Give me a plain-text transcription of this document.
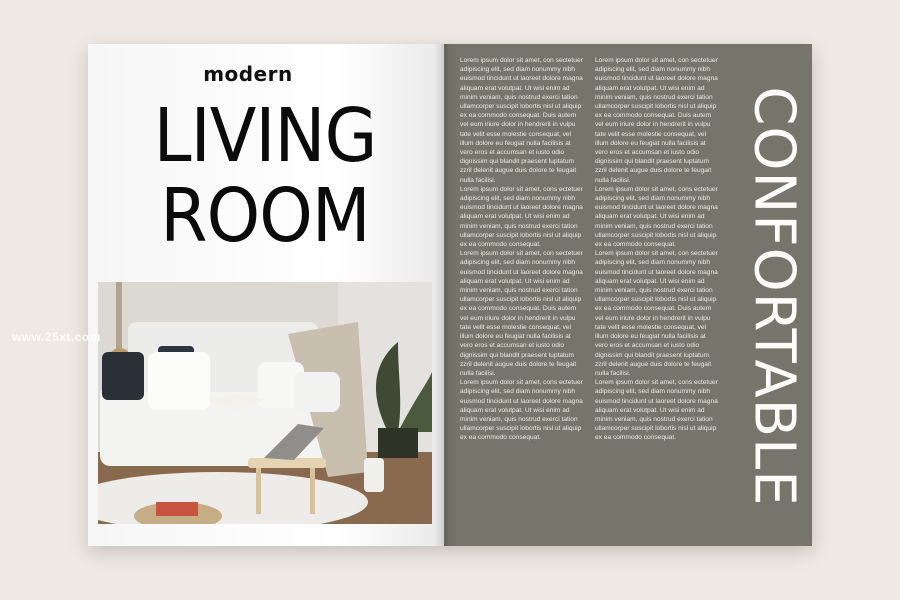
modern
LIVING
ROOM

Lorem ipsum dolor sit amet, con sectetuer adipiscing elit, sed diam nonummy nibh euismod tincidunt ut laoreet dolore magna aliquam erat volutpat. Ut wisi enim ad minim veniam, quis nostrud exerci tation ullamcorper suscipit lobortis nisl ut aliquip ex ea commodo consequat. Duis autem vel eum iriure dolor in hendrerit in vulpu tate velit esse molestie consequat, vel illum dolore eu feugiat nulla facilisis at vero eros et accumsan et iusto odio dignissim qui blandit praesent luptatum zzril delenit augue duis dolore te feugait nulla facilisi.

Lorem ipsum dolor sit amet, cons ectetuer adipiscing elit, sed diam nonummy nibh euismod tincidunt ut laoreet dolore magna aliquam erat volutpat. Ut wisi enim ad minim veniam, quis nostrud exerci tation ullamcorper suscipit lobortis nisl ut aliquip ex ea commodo consequat.

Lorem ipsum dolor sit amet, con sectetuer adipiscing elit, sed diam nonummy nibh euismod tincidunt ut laoreet dolore magna aliquam erat volutpat. Ut wisi enim ad minim veniam, quis nostrud exerci tation ullamcorper suscipit lobortis nisl ut aliquip ex ea commodo consequat. Duis autem vel eum iriure dolor in hendrerit in vulpu tate velit esse molestie consequat, vel illum dolore eu feugiat nulla facilisis at vero eros et accumsan et iusto odio dignissim qui blandit praesent luptatum zzril delenit augue duis dolore te feugait nulla facilisi.

Lorem ipsum dolor sit amet, cons ectetuer adipiscing elit, sed diam nonummy nibh euismod tincidunt ut laoreet dolore magna aliquam erat volutpat. Ut wisi enim ad minim veniam, quis nostrud exerci tation ullamcorper suscipit lobortis nisl ut aliquip ex ea commodo consequat.

Lorem ipsum dolor sit amet, con sectetuer adipiscing elit, sed diam nonummy nibh euismod tincidunt ut laoreet dolore magna aliquam erat volutpat. Ut wisi enim ad minim veniam, quis nostrud exerci tation ullamcorper suscipit lobortis nisl ut aliquip ex ea commodo consequat. Duis autem vel eum iriure dolor in hendrerit in vulpu tate velit esse molestie consequat, vel illum dolore eu feugiat nulla facilisis at vero eros et accumsan et iusto odio dignissim qui blandit praesent luptatum zzril delenit augue duis dolore te feugait nulla facilisi.

Lorem ipsum dolor sit amet, cons ectetuer adipiscing elit, sed diam nonummy nibh euismod tincidunt ut laoreet dolore magna aliquam erat volutpat. Ut wisi enim ad minim veniam, quis nostrud exerci tation ullamcorper suscipit lobortis nisl ut aliquip ex ea commodo consequat.

Lorem ipsum dolor sit amet, con sectetuer adipiscing elit, sed diam nonummy nibh euismod tincidunt ut laoreet dolore magna aliquam erat volutpat. Ut wisi enim ad minim veniam, quis nostrud exerci tation ullamcorper suscipit lobortis nisl ut aliquip ex ea commodo consequat. Duis autem vel eum iriure dolor in hendrerit in vulpu tate velit esse molestie consequat, vel illum dolore eu feugiat nulla facilisis at vero eros et accumsan et iusto odio dignissim qui blandit praesent luptatum zzril delenit augue duis dolore te feugait nulla facilisi.

Lorem ipsum dolor sit amet, cons ectetuer adipiscing elit, sed diam nonummy nibh euismod tincidunt ut laoreet dolore magna aliquam erat volutpat. Ut wisi enim ad minim veniam, quis nostrud exerci tation ullamcorper suscipit lobortis nisl ut aliquip ex ea commodo consequat.	CONFORTABLE
www.25xt.com
